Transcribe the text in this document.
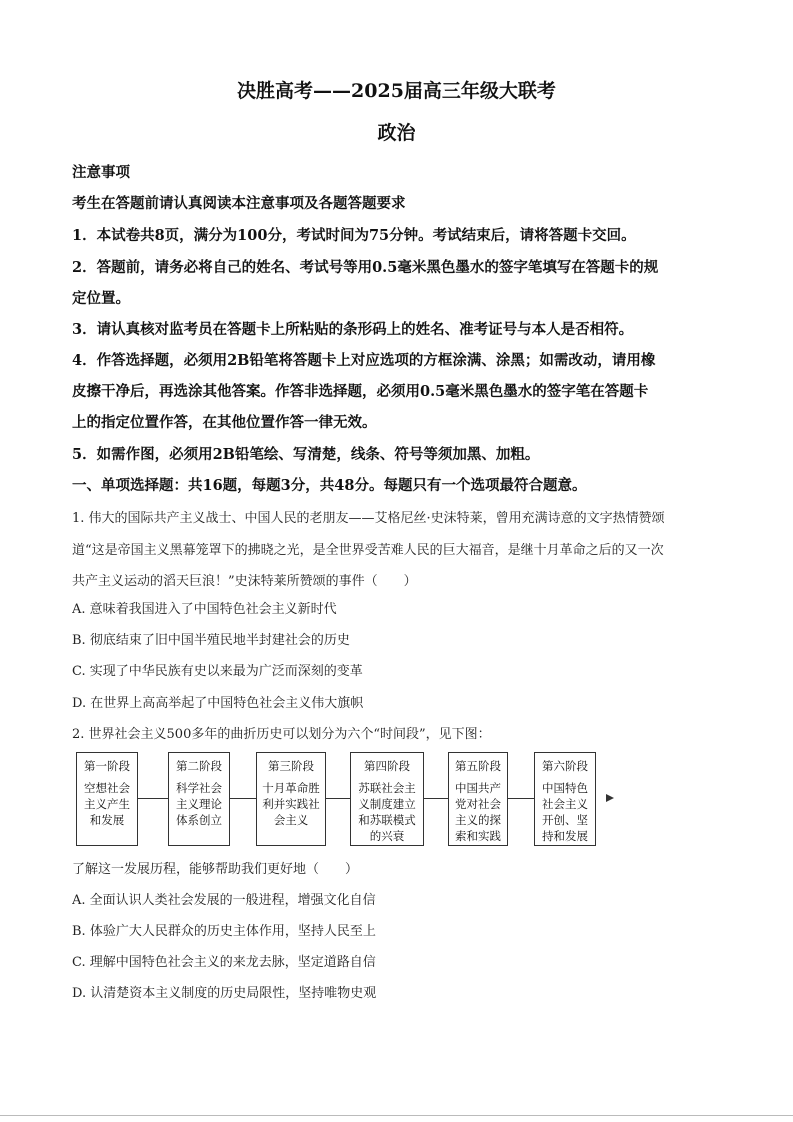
决胜高考——2025届高三年级大联考
政治
注意事项
考生在答题前请认真阅读本注意事项及各题答题要求
1．本试卷共8页，满分为100分，考试时间为75分钟。考试结束后，请将答题卡交回。
2．答题前，请务必将自己的姓名、考试号等用0.5毫米黑色墨水的签字笔填写在答题卡的规
定位置。
3．请认真核对监考员在答题卡上所粘贴的条形码上的姓名、准考证号与本人是否相符。
4．作答选择题，必须用2B铅笔将答题卡上对应选项的方框涂满、涂黑；如需改动，请用橡
皮擦干净后，再选涂其他答案。作答非选择题，必须用0.5毫米黑色墨水的签字笔在答题卡
上的指定位置作答，在其他位置作答一律无效。
5．如需作图，必须用2B铅笔绘、写清楚，线条、符号等须加黑、加粗。
一、单项选择题：共16题，每题3分，共48分。每题只有一个选项最符合题意。
1. 伟大的国际共产主义战士、中国人民的老朋友——艾格尼丝·史沫特莱，曾用充满诗意的文字热情赞颂
道“这是帝国主义黑幕笼罩下的拂晓之光，是全世界受苦难人民的巨大福音，是继十月革命之后的又一次
共产主义运动的滔天巨浪！”史沫特莱所赞颂的事件（　　）
A. 意味着我国进入了中国特色社会主义新时代
B. 彻底结束了旧中国半殖民地半封建社会的历史
C. 实现了中华民族有史以来最为广泛而深刻的变革
D. 在世界上高高举起了中国特色社会主义伟大旗帜
2. 世界社会主义500多年的曲折历史可以划分为六个“时间段”，见下图：
第一阶段
空想社会
主义产生
和发展
第二阶段
科学社会
主义理论
体系创立
第三阶段
十月革命胜
利并实践社
会主义
第四阶段
苏联社会主
义制度建立
和苏联模式
的兴衰
第五阶段
中国共产
党对社会
主义的探
索和实践
第六阶段
中国特色
社会主义
开创、坚
持和发展
了解这一发展历程，能够帮助我们更好地（　　）
A. 全面认识人类社会发展的一般进程，增强文化自信
B. 体验广大人民群众的历史主体作用，坚持人民至上
C. 理解中国特色社会主义的来龙去脉，坚定道路自信
D. 认清楚资本主义制度的历史局限性，坚持唯物史观
